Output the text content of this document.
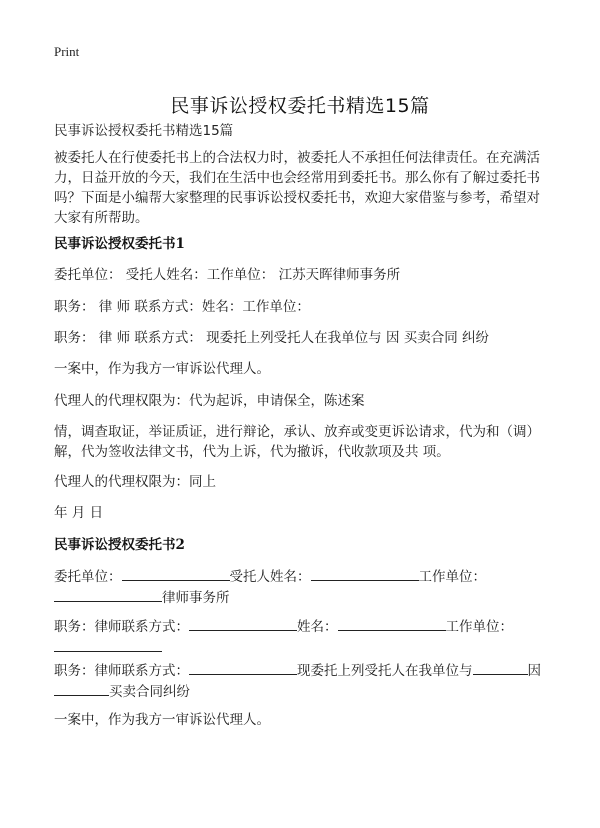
Print
民事诉讼授权委托书精选15篇
民事诉讼授权委托书精选15篇
被委托人在行使委托书上的合法权力时，被委托人不承担任何法律责任。在充满活力，日益开放的今天，我们在生活中也会经常用到委托书。那么你有了解过委托书吗？下面是小编帮大家整理的民事诉讼授权委托书，欢迎大家借鉴与参考，希望对大家有所帮助。
民事诉讼授权委托书1
委托单位： 受托人姓名：工作单位： 江苏天晖律师事务所
职务： 律 师 联系方式：姓名：工作单位：
职务： 律 师 联系方式： 现委托上列受托人在我单位与 因 买卖合同 纠纷
一案中，作为我方一审诉讼代理人。
代理人的代理权限为：代为起诉，申请保全，陈述案
情，调查取证，举证质证，进行辩论，承认、放弃或变更诉讼请求，代为和（调）解，代为签收法律文书，代为上诉，代为撤诉，代收款项及共 项。
代理人的代理权限为：同上
年 月 日
民事诉讼授权委托书2
委托单位：	受托人姓名：	工作单位：
律师事务所
职务：律师联系方式：	姓名：	工作单位：

职务：律师联系方式：	现委托上列受托人在我单位与	因
买卖合同纠纷
一案中，作为我方一审诉讼代理人。
